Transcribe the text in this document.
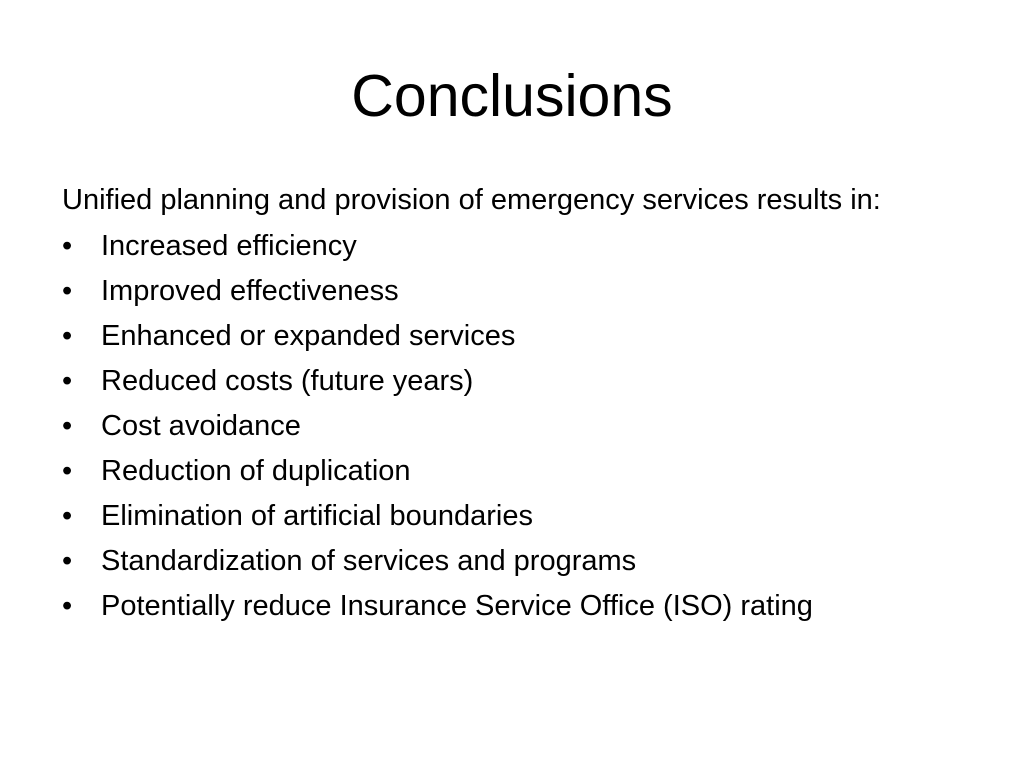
Conclusions

Unified planning and provision of emergency services results in:

• Increased efficiency
• Improved effectiveness
• Enhanced or expanded services
• Reduced costs (future years)
• Cost avoidance
• Reduction of duplication
• Elimination of artificial boundaries
• Standardization of services and programs
• Potentially reduce Insurance Service Office (ISO) rating
